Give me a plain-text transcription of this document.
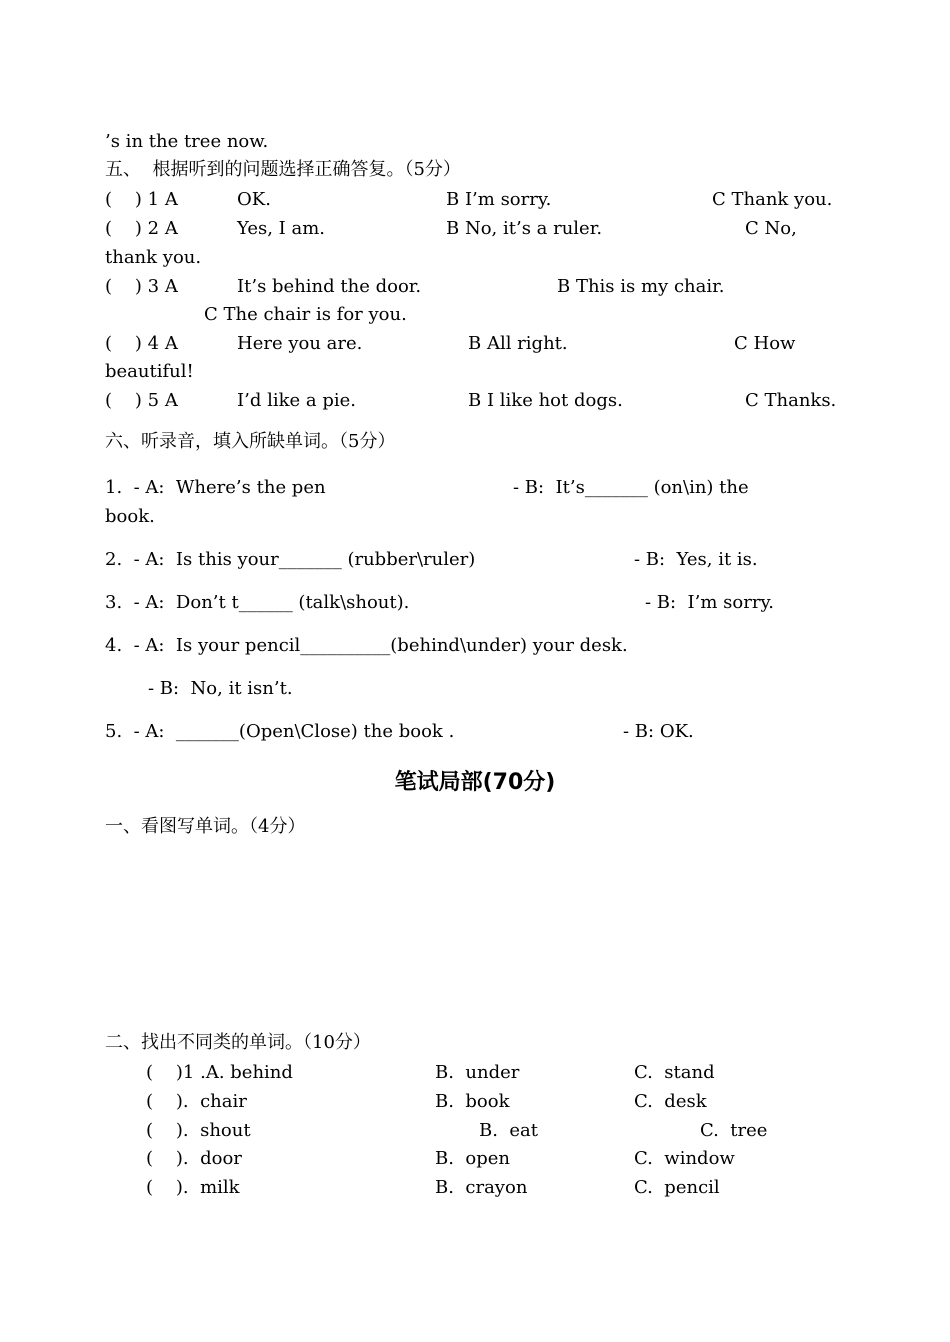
’s in the tree now.
五、  根据听到的问题选择正确答复。（5分）
(    ) 1 A	OK.	B I’m sorry.	C Thank you.
(    ) 2 A	Yes, I am.	B No, it’s a ruler.	C No,
thank you.
(    ) 3 A	It’s behind the door.	B This is my chair.
C The chair is for you.
(    ) 4 A	Here you are.	B All right.	C How
beautiful!
(    ) 5 A	I’d like a pie.	B I like hot dogs.	C Thanks.
六、听录音，填入所缺单词。（5分）
1.  - A:  Where’s the pen	- B:  It’s_______ (on\in) the
book.
2.  - A:  Is this your_______ (rubber\ruler)	- B:  Yes, it is.
3.  - A:  Don’t t______ (talk\shout).	- B:  I’m sorry.
4.  - A:  Is your pencil__________(behind\under) your desk.
- B:  No, it isn’t.
5.  - A:  _______(Open\Close) the book .	- B: OK.
笔试局部(70分)
一、看图写单词。（4分）
二、找出不同类的单词。（10分）
(    )1 .A. behind	B.  under	C.  stand
(    ).  chair	B.  book	C.  desk
(    ).  shout	B.  eat	C.  tree
(    ).  door	B.  open	C.  window
(    ).  milk	B.  crayon	C.  pencil
